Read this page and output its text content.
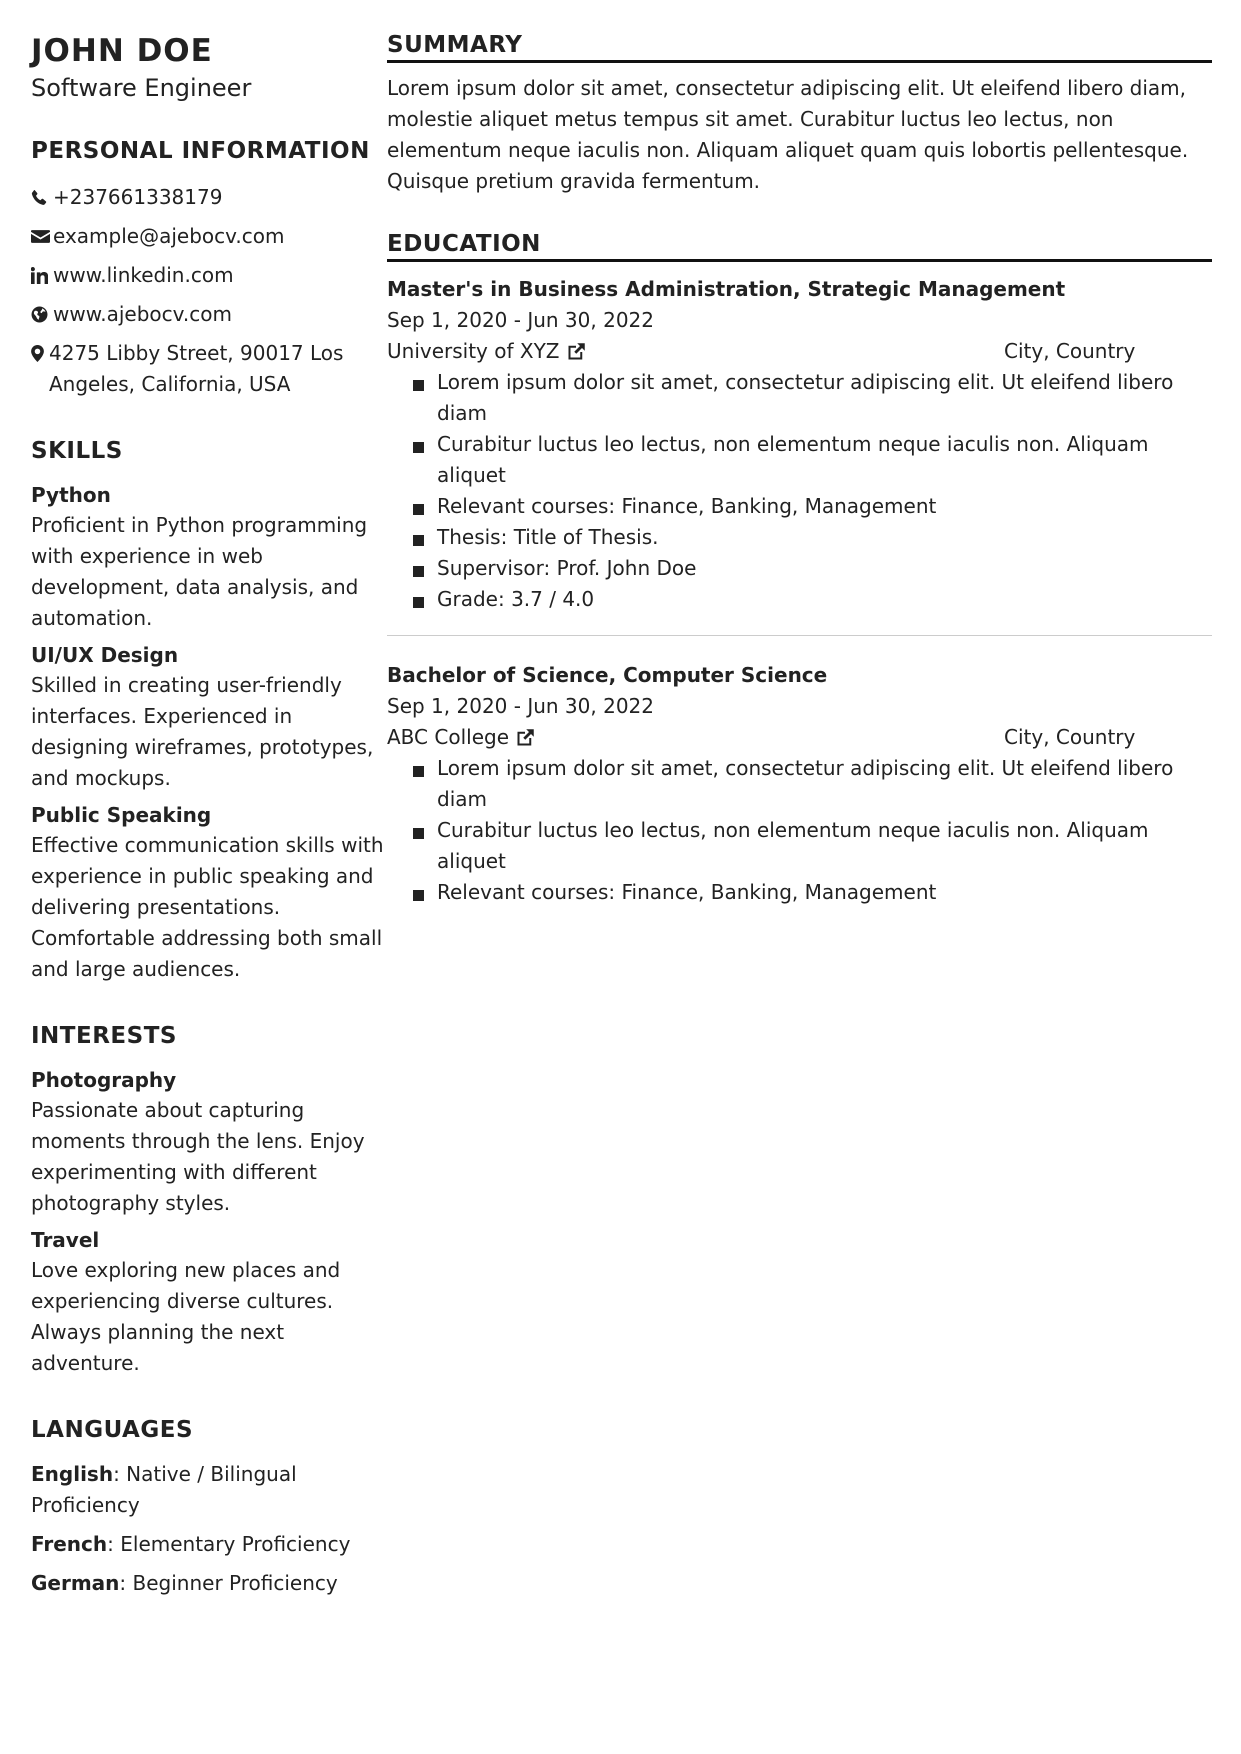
JOHN DOE
Software Engineer
PERSONAL INFORMATION
+237661338179
example@ajebocv.com
www.linkedin.com
www.ajebocv.com
4275 Libby Street, 90017 Los Angeles, California, USA
SKILLS
Python
Proficient in Python programming with experience in web development, data analysis, and automation.
UI/UX Design
Skilled in creating user-friendly interfaces. Experienced in designing wireframes, prototypes, and mockups.
Public Speaking
Effective communication skills with experience in public speaking and delivering presentations. Comfortable addressing both small and large audiences.
INTERESTS
Photography
Passionate about capturing moments through the lens. Enjoy experimenting with different photography styles.
Travel
Love exploring new places and experiencing diverse cultures. Always planning the next adventure.
LANGUAGES
English: Native / Bilingual Proficiency
French: Elementary Proficiency
German: Beginner Proficiency
SUMMARY
Lorem ipsum dolor sit amet, consectetur adipiscing elit. Ut eleifend libero diam, molestie aliquet metus tempus sit amet. Curabitur luctus leo lectus, non elementum neque iaculis non. Aliquam aliquet quam quis lobortis pellentesque. Quisque pretium gravida fermentum.
EDUCATION
Master's in Business Administration, Strategic Management
Sep 1, 2020 - Jun 30, 2022
University of XYZ	City, Country
Lorem ipsum dolor sit amet, consectetur adipiscing elit. Ut eleifend libero diam
Curabitur luctus leo lectus, non elementum neque iaculis non. Aliquam aliquet
Relevant courses: Finance, Banking, Management
Thesis: Title of Thesis.
Supervisor: Prof. John Doe
Grade: 3.7 / 4.0
Bachelor of Science, Computer Science
Sep 1, 2020 - Jun 30, 2022
ABC College	City, Country
Lorem ipsum dolor sit amet, consectetur adipiscing elit. Ut eleifend libero diam
Curabitur luctus leo lectus, non elementum neque iaculis non. Aliquam aliquet
Relevant courses: Finance, Banking, Management
